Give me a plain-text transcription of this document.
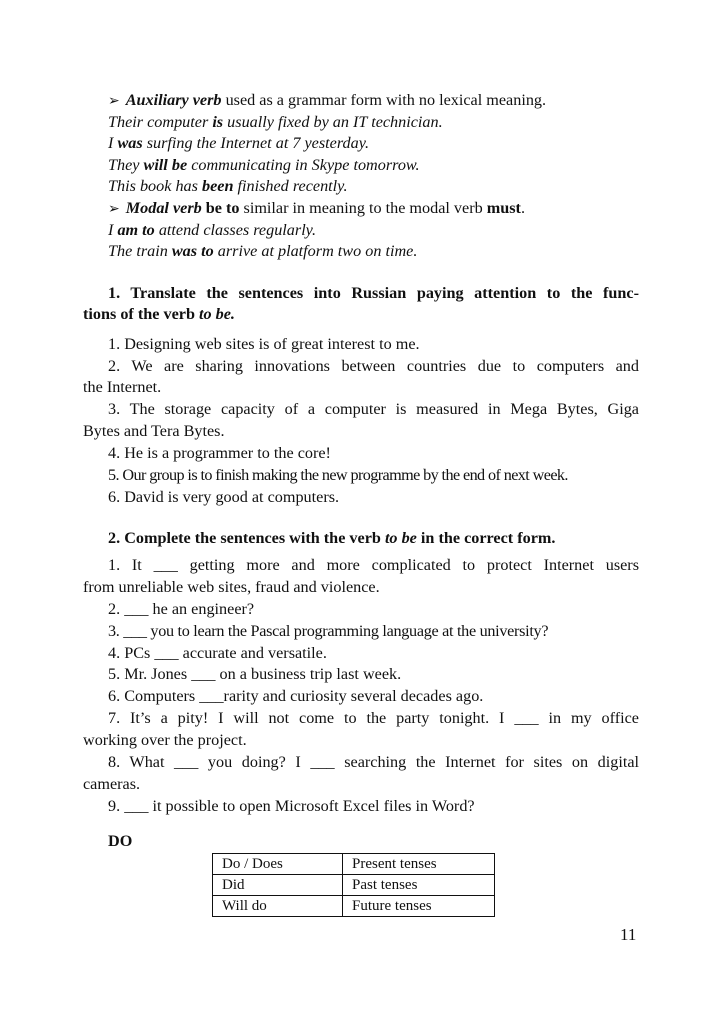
➢ Auxiliary verb used as a grammar form with no lexical meaning.
Their computer is usually fixed by an IT technician.
I was surfing the Internet at 7 yesterday.
They will be communicating in Skype tomorrow.
This book has been finished recently.
➢ Modal verb be to similar in meaning to the modal verb must.
I am to attend classes regularly.
The train was to arrive at platform two on time.
1. Translate the sentences into Russian paying attention to the func-
tions of the verb to be.
1. Designing web sites is of great interest to me.
2. We are sharing innovations between countries due to computers and
the Internet.
3. The storage capacity of a computer is measured in Mega Bytes, Giga
Bytes and Tera Bytes.
4. He is a programmer to the core!
5. Our group is to finish making the new programme by the end of next week.
6. David is very good at computers.
2. Complete the sentences with the verb to be in the correct form.
1. It ___ getting more and more complicated to protect Internet users
from unreliable web sites, fraud and violence.
2. ___ he an engineer?
3. ___ you to learn the Pascal programming language at the university?
4. PCs ___ accurate and versatile.
5. Mr. Jones ___ on a business trip last week.
6. Computers ___rarity and curiosity several decades ago.
7. It’s a pity! I will not come to the party tonight. I ___ in my office
working over the project.
8. What ___ you doing? I ___ searching the Internet for sites on digital
cameras.
9. ___ it possible to open Microsoft Excel files in Word?
DO
Do / Does	Present tenses
Did	Past tenses
Will do	Future tenses
11
